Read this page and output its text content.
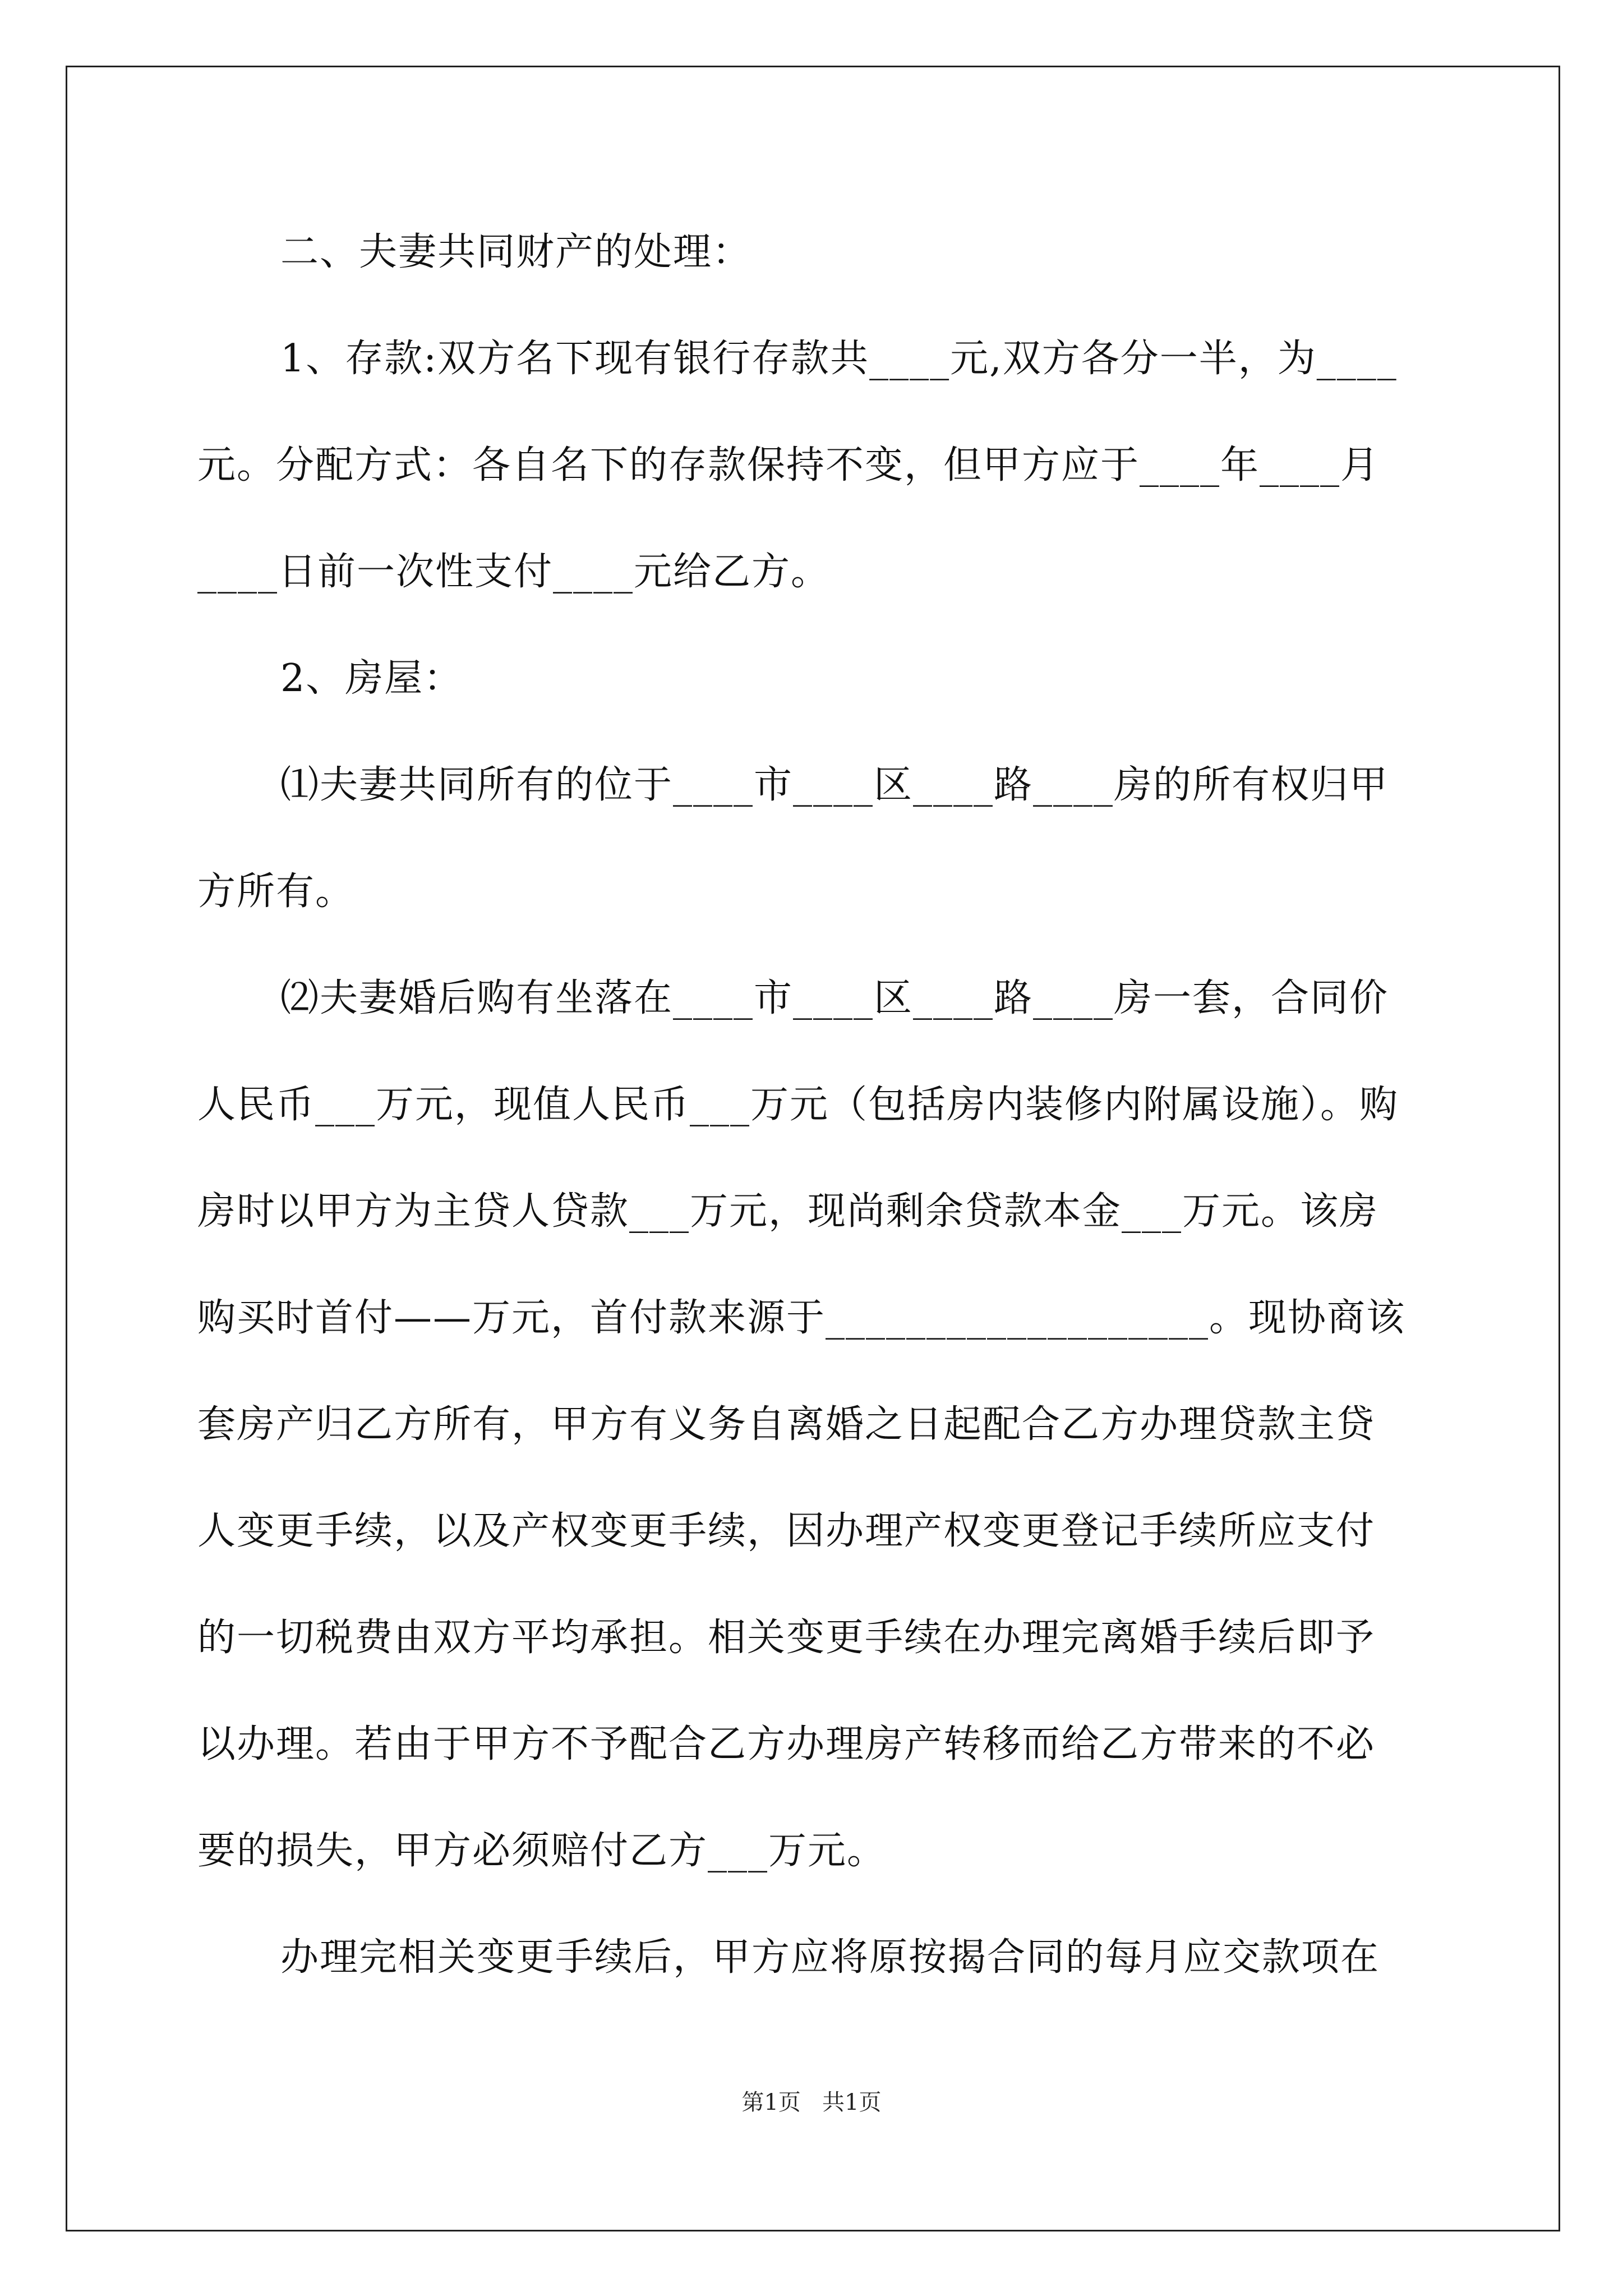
二、夫妻共同财产的处理：
1、存款:双方名下现有银行存款共____元,双方各分一半，为____
元。分配方式：各自名下的存款保持不变，但甲方应于____年____月
____日前一次性支付____元给乙方。
2、房屋：
⑴夫妻共同所有的位于____市____区____路____房的所有权归甲
方所有。
⑵夫妻婚后购有坐落在____市____区____路____房一套，合同价
人民币___万元，现值人民币___万元（包括房内装修内附属设施）。购
房时以甲方为主贷人贷款___万元，现尚剩余贷款本金___万元。该房
购买时首付——万元，首付款来源于___________________。现协商该
套房产归乙方所有，甲方有义务自离婚之日起配合乙方办理贷款主贷
人变更手续，以及产权变更手续，因办理产权变更登记手续所应支付
的一切税费由双方平均承担。相关变更手续在办理完离婚手续后即予
以办理。若由于甲方不予配合乙方办理房产转移而给乙方带来的不必
要的损失，甲方必须赔付乙方___万元。
办理完相关变更手续后，甲方应将原按揭合同的每月应交款项在
第1页   共1页
